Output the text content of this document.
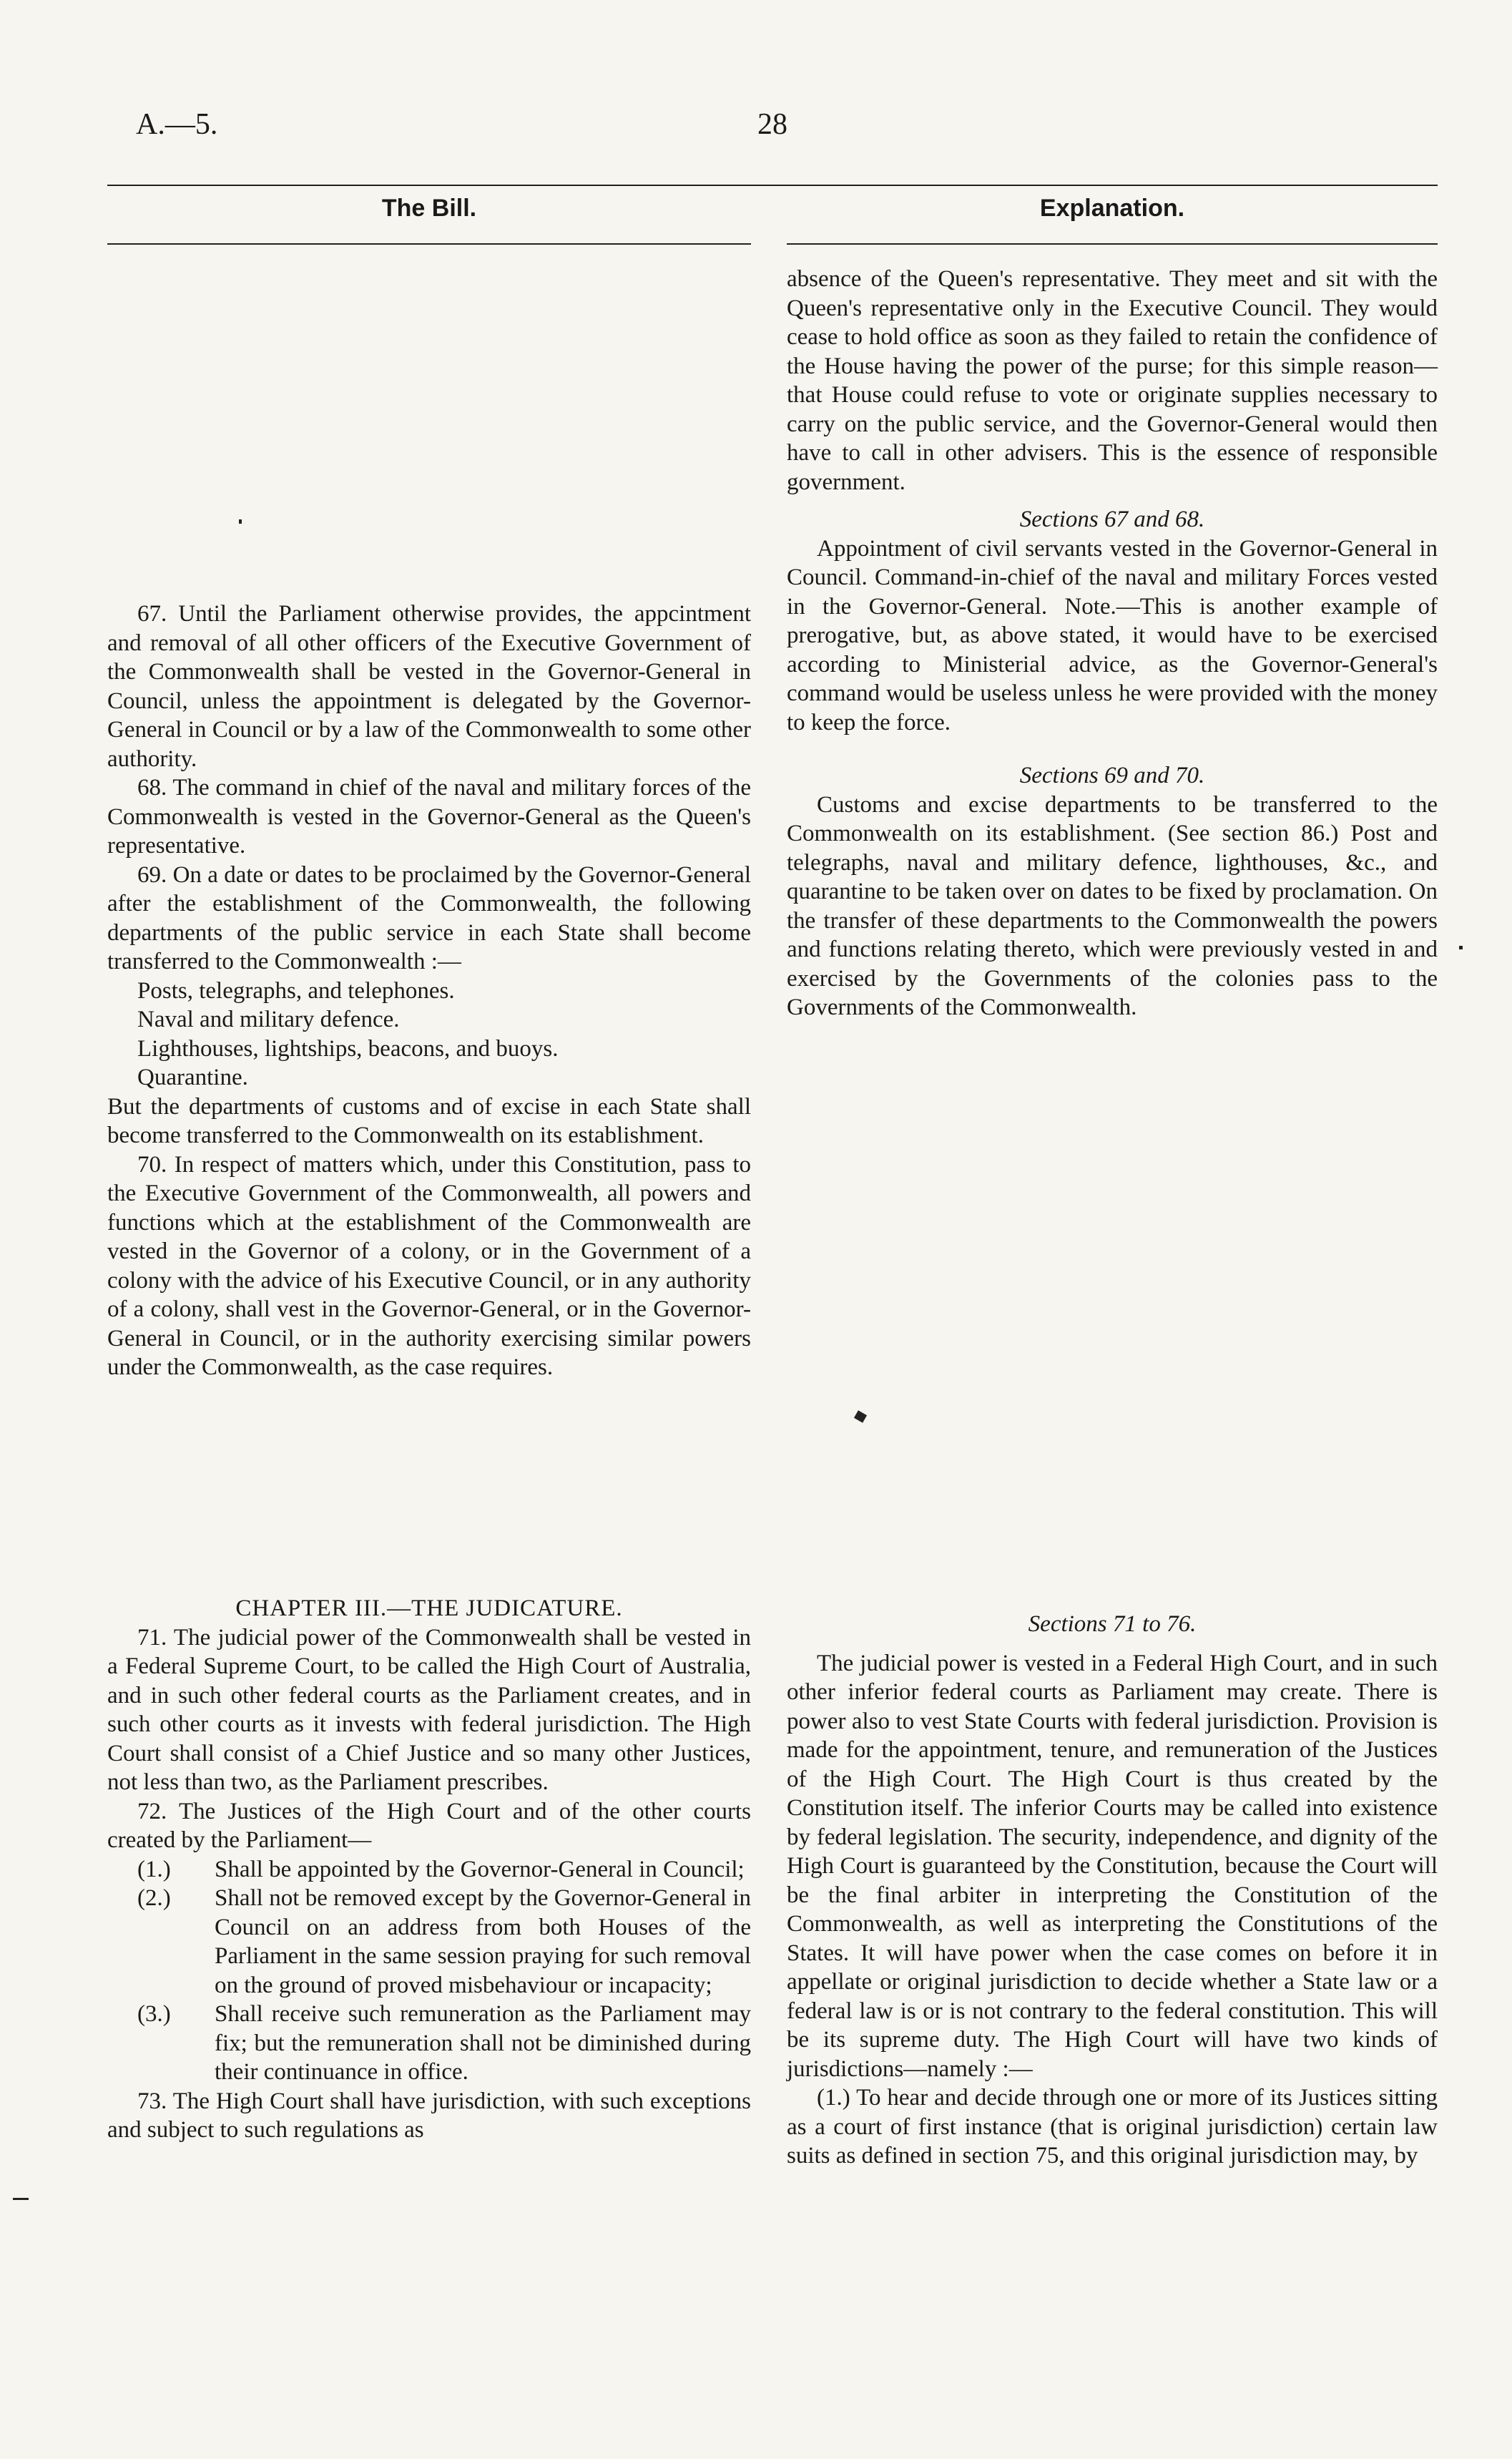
A.—5.	28
The Bill.	Explanation.

67. Until the Parliament otherwise provides, the appcintment and removal of all other officers of the Executive Government of the Commonwealth shall be vested in the Governor-General in Council, unless the appointment is delegated by the Governor-General in Council or by a law of the Commonwealth to some other authority.

68. The command in chief of the naval and military forces of the Commonwealth is vested in the Governor-General as the Queen's representative.

69. On a date or dates to be proclaimed by the Governor-General after the establishment of the Commonwealth, the following departments of the public service in each State shall become transferred to the Commonwealth :—

Posts, telegraphs, and telephones.

Naval and military defence.

Lighthouses, lightships, beacons, and buoys.

Quarantine.

But the departments of customs and of excise in each State shall become transferred to the Commonwealth on its establishment.

70. In respect of matters which, under this Constitution, pass to the Executive Government of the Commonwealth, all powers and functions which at the establishment of the Commonwealth are vested in the Governor of a colony, or in the Government of a colony with the advice of his Executive Council, or in any authority of a colony, shall vest in the Governor-General, or in the Governor-General in Council, or in the authority exercising similar powers under the Commonwealth, as the case requires.

CHAPTER III.—THE JUDICATURE.

71. The judicial power of the Commonwealth shall be vested in a Federal Supreme Court, to be called the High Court of Australia, and in such other federal courts as the Parliament creates, and in such other courts as it invests with federal jurisdiction. The High Court shall consist of a Chief Justice and so many other Justices, not less than two, as the Parliament prescribes.

72. The Justices of the High Court and of the other courts created by the Parliament—

(1.) Shall be appointed by the Governor-General in Council;

(2.) Shall not be removed except by the Governor-General in Council on an address from both Houses of the Parliament in the same session praying for such removal on the ground of proved misbehaviour or incapacity;

(3.) Shall receive such remuneration as the Parliament may fix; but the remuneration shall not be diminished during their continuance in office.

73. The High Court shall have jurisdiction, with such exceptions and subject to such regulations as

absence of the Queen's representative. They meet and sit with the Queen's representative only in the Executive Council. They would cease to hold office as soon as they failed to retain the confidence of the House having the power of the purse; for this simple reason—that House could refuse to vote or originate supplies necessary to carry on the public service, and the Governor-General would then have to call in other advisers. This is the essence of responsible government.

Sections 67 and 68.

Appointment of civil servants vested in the Governor-General in Council. Command-in-chief of the naval and military Forces vested in the Governor-General. Note.—This is another example of prerogative, but, as above stated, it would have to be exercised according to Ministerial advice, as the Governor-General's command would be useless unless he were provided with the money to keep the force.

Sections 69 and 70.

Customs and excise departments to be transferred to the Commonwealth on its establishment. (See section 86.) Post and telegraphs, naval and military defence, lighthouses, &c., and quarantine to be taken over on dates to be fixed by proclamation. On the transfer of these departments to the Commonwealth the powers and functions relating thereto, which were previously vested in and exercised by the Governments of the colonies pass to the Governments of the Commonwealth.

Sections 71 to 76.

The judicial power is vested in a Federal High Court, and in such other inferior federal courts as Parliament may create. There is power also to vest State Courts with federal jurisdiction. Provision is made for the appointment, tenure, and remuneration of the Justices of the High Court. The High Court is thus created by the Constitution itself. The inferior Courts may be called into existence by federal legislation. The security, independence, and dignity of the High Court is guaranteed by the Constitution, because the Court will be the final arbiter in interpreting the Constitution of the Commonwealth, as well as interpreting the Constitutions of the States. It will have power when the case comes on before it in appellate or original jurisdiction to decide whether a State law or a federal law is or is not contrary to the federal constitution. This will be its supreme duty. The High Court will have two kinds of jurisdictions—namely :—

(1.) To hear and decide through one or more of its Justices sitting as a court of first instance (that is original jurisdiction) certain law suits as defined in section 75, and this original jurisdiction may, by
